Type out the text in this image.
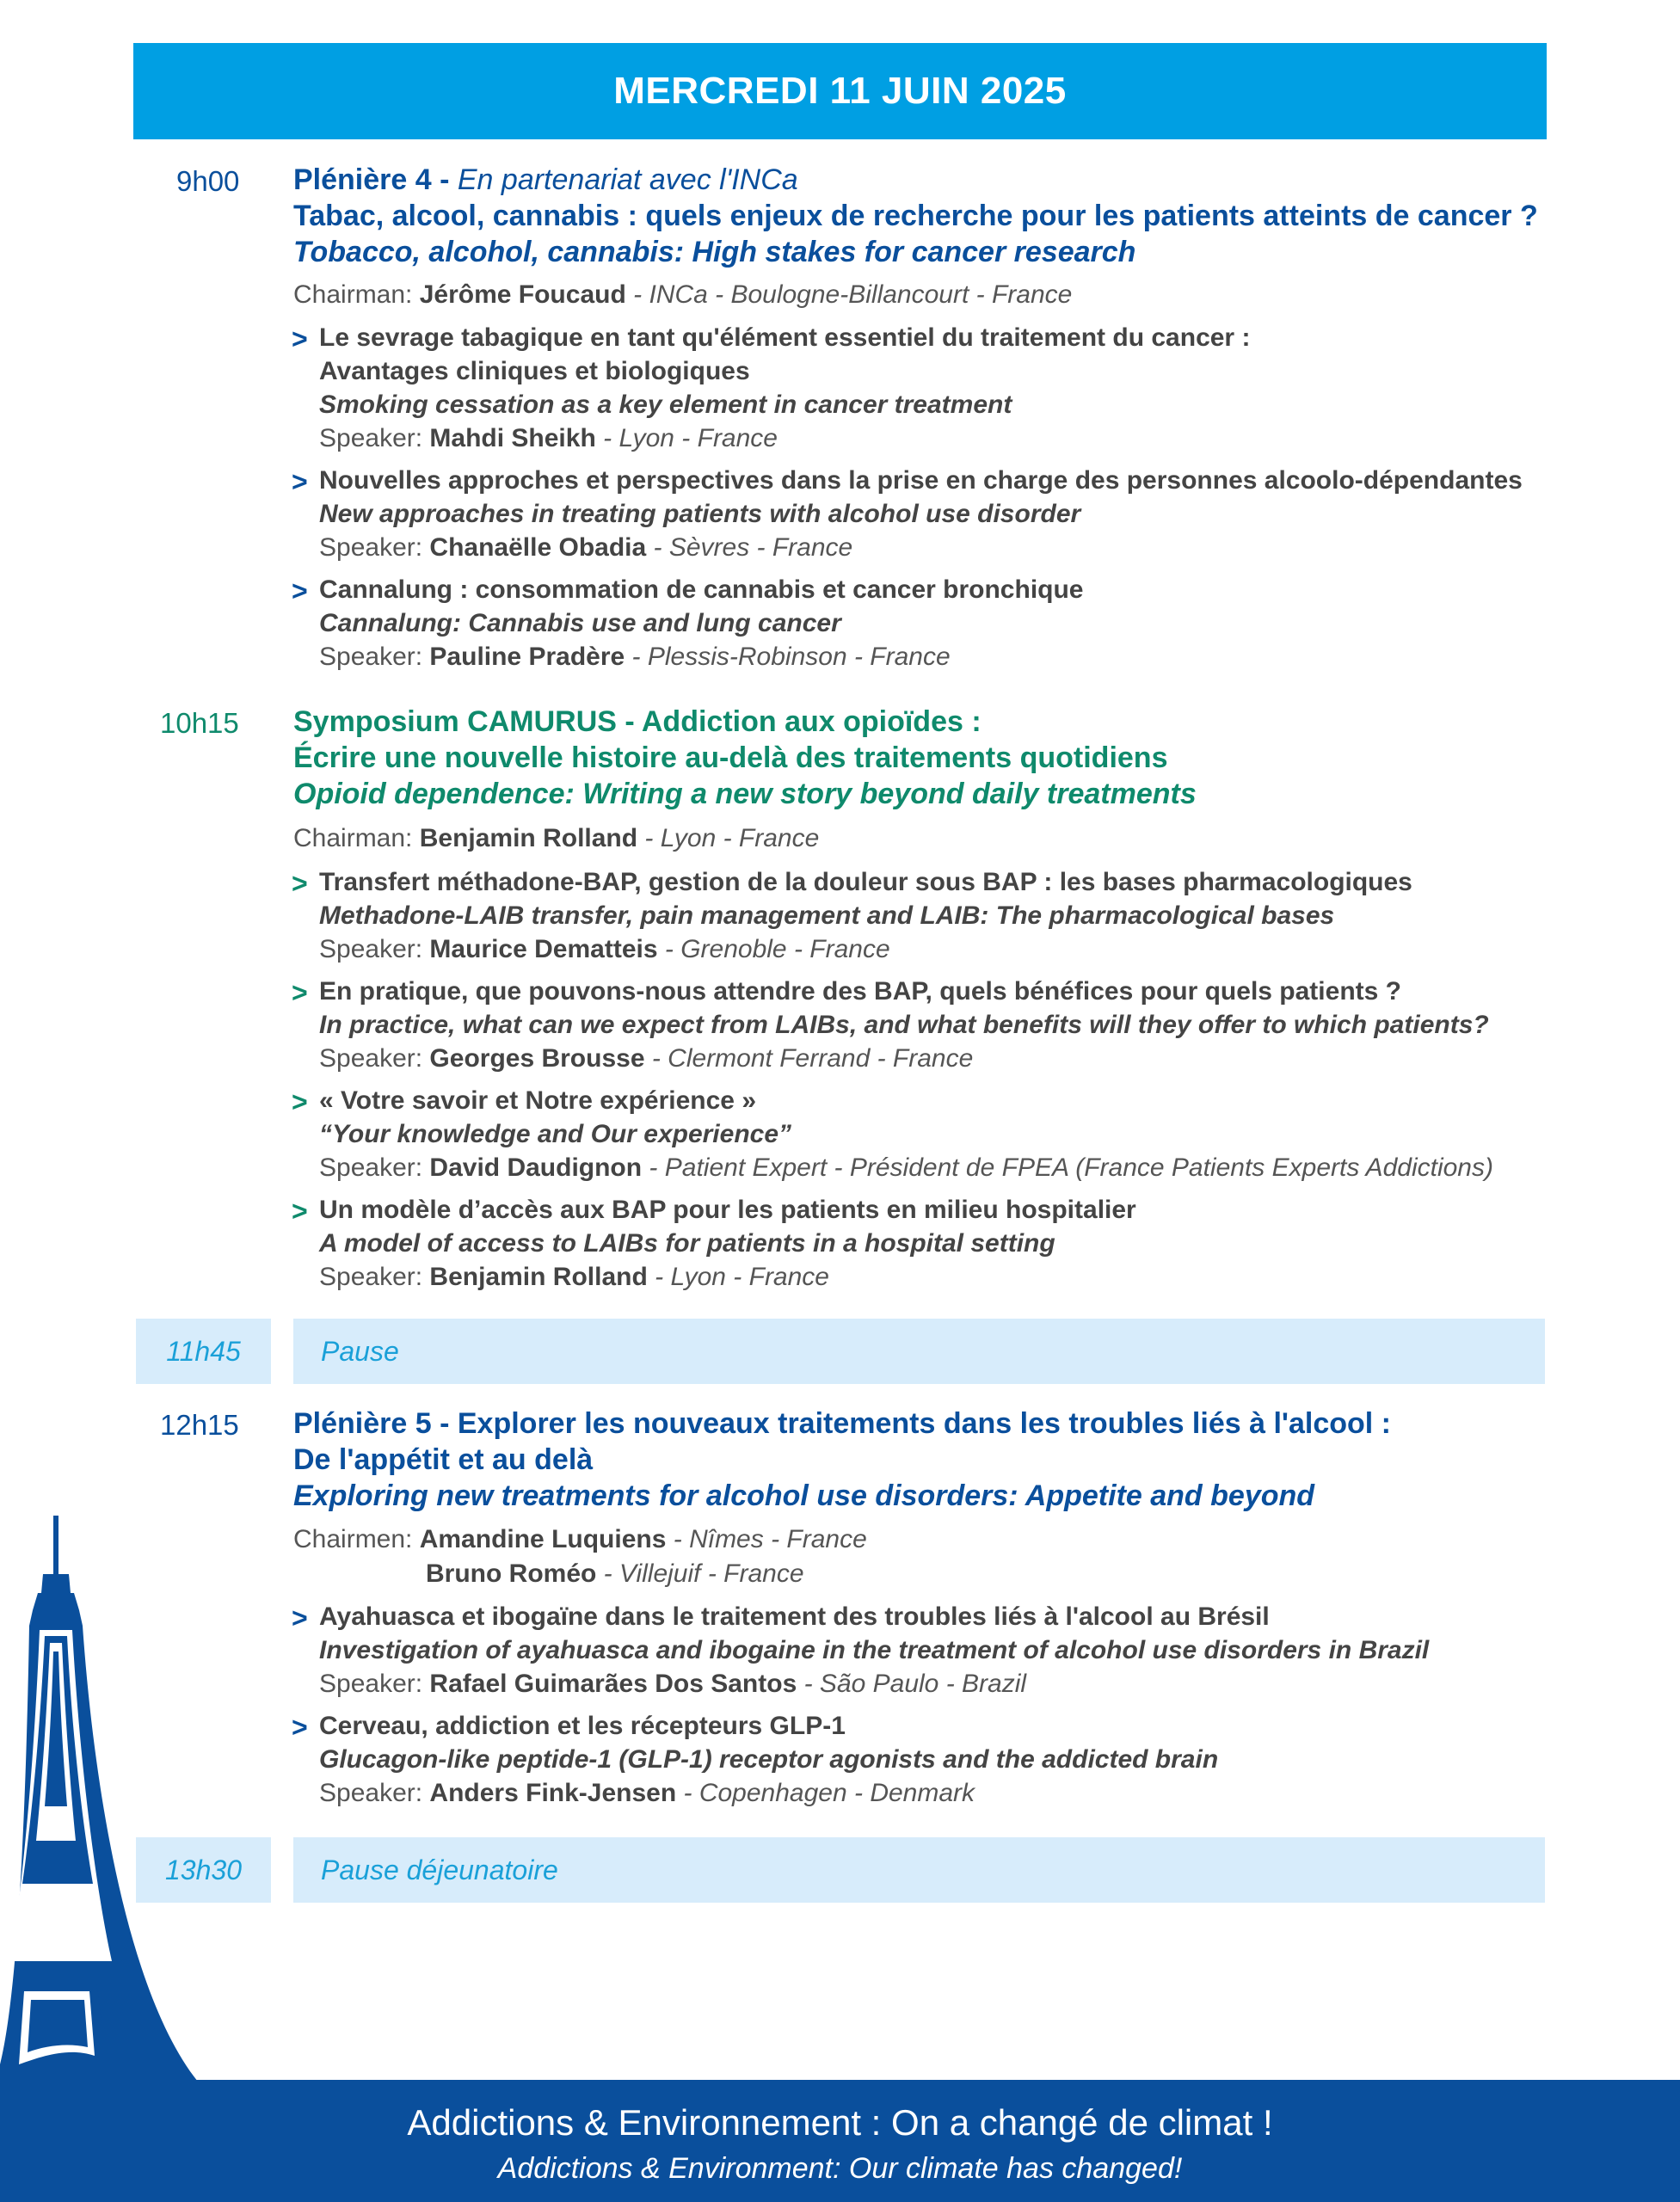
MERCREDI 11 JUIN 2025
9h00 Plénière 4 - En partenariat avec l'INCa
Tabac, alcool, cannabis : quels enjeux de recherche pour les patients atteints de cancer ?
Tobacco, alcohol, cannabis: High stakes for cancer research
Chairman: Jérôme Foucaud - INCa - Boulogne-Billancourt - France
> Le sevrage tabagique en tant qu'élément essentiel du traitement du cancer :
Avantages cliniques et biologiques
Smoking cessation as a key element in cancer treatment
Speaker: Mahdi Sheikh - Lyon - France
> Nouvelles approches et perspectives dans la prise en charge des personnes alcoolo-dépendantes
New approaches in treating patients with alcohol use disorder
Speaker: Chanaëlle Obadia - Sèvres - France
> Cannalung : consommation de cannabis et cancer bronchique
Cannalung: Cannabis use and lung cancer
Speaker: Pauline Pradère - Plessis-Robinson - France
10h15 Symposium CAMURUS - Addiction aux opioïdes :
Écrire une nouvelle histoire au-delà des traitements quotidiens
Opioid dependence: Writing a new story beyond daily treatments
Chairman: Benjamin Rolland - Lyon - France
> Transfert méthadone-BAP, gestion de la douleur sous BAP : les bases pharmacologiques
Methadone-LAIB transfer, pain management and LAIB: The pharmacological bases
Speaker: Maurice Dematteis - Grenoble - France
> En pratique, que pouvons-nous attendre des BAP, quels bénéfices pour quels patients ?
In practice, what can we expect from LAIBs, and what benefits will they offer to which patients?
Speaker: Georges Brousse - Clermont Ferrand - France
> « Votre savoir et Notre expérience »
“Your knowledge and Our experience”
Speaker: David Daudignon - Patient Expert - Président de FPEA (France Patients Experts Addictions)
> Un modèle d’accès aux BAP pour les patients en milieu hospitalier
A model of access to LAIBs for patients in a hospital setting
Speaker: Benjamin Rolland - Lyon - France
11h45	Pause
12h15 Plénière 5 - Explorer les nouveaux traitements dans les troubles liés à l'alcool :
De l'appétit et au delà
Exploring new treatments for alcohol use disorders: Appetite and beyond
Chairmen: Amandine Luquiens - Nîmes - France
Bruno Roméo - Villejuif - France
> Ayahuasca et ibogaïne dans le traitement des troubles liés à l'alcool au Brésil
Investigation of ayahuasca and ibogaine in the treatment of alcohol use disorders in Brazil
Speaker: Rafael Guimarães Dos Santos - São Paulo - Brazil
> Cerveau, addiction et les récepteurs GLP-1
Glucagon-like peptide-1 (GLP-1) receptor agonists and the addicted brain
Speaker: Anders Fink-Jensen - Copenhagen - Denmark
13h30	Pause déjeunatoire
Addictions & Environnement : On a changé de climat !
Addictions & Environment: Our climate has changed!
